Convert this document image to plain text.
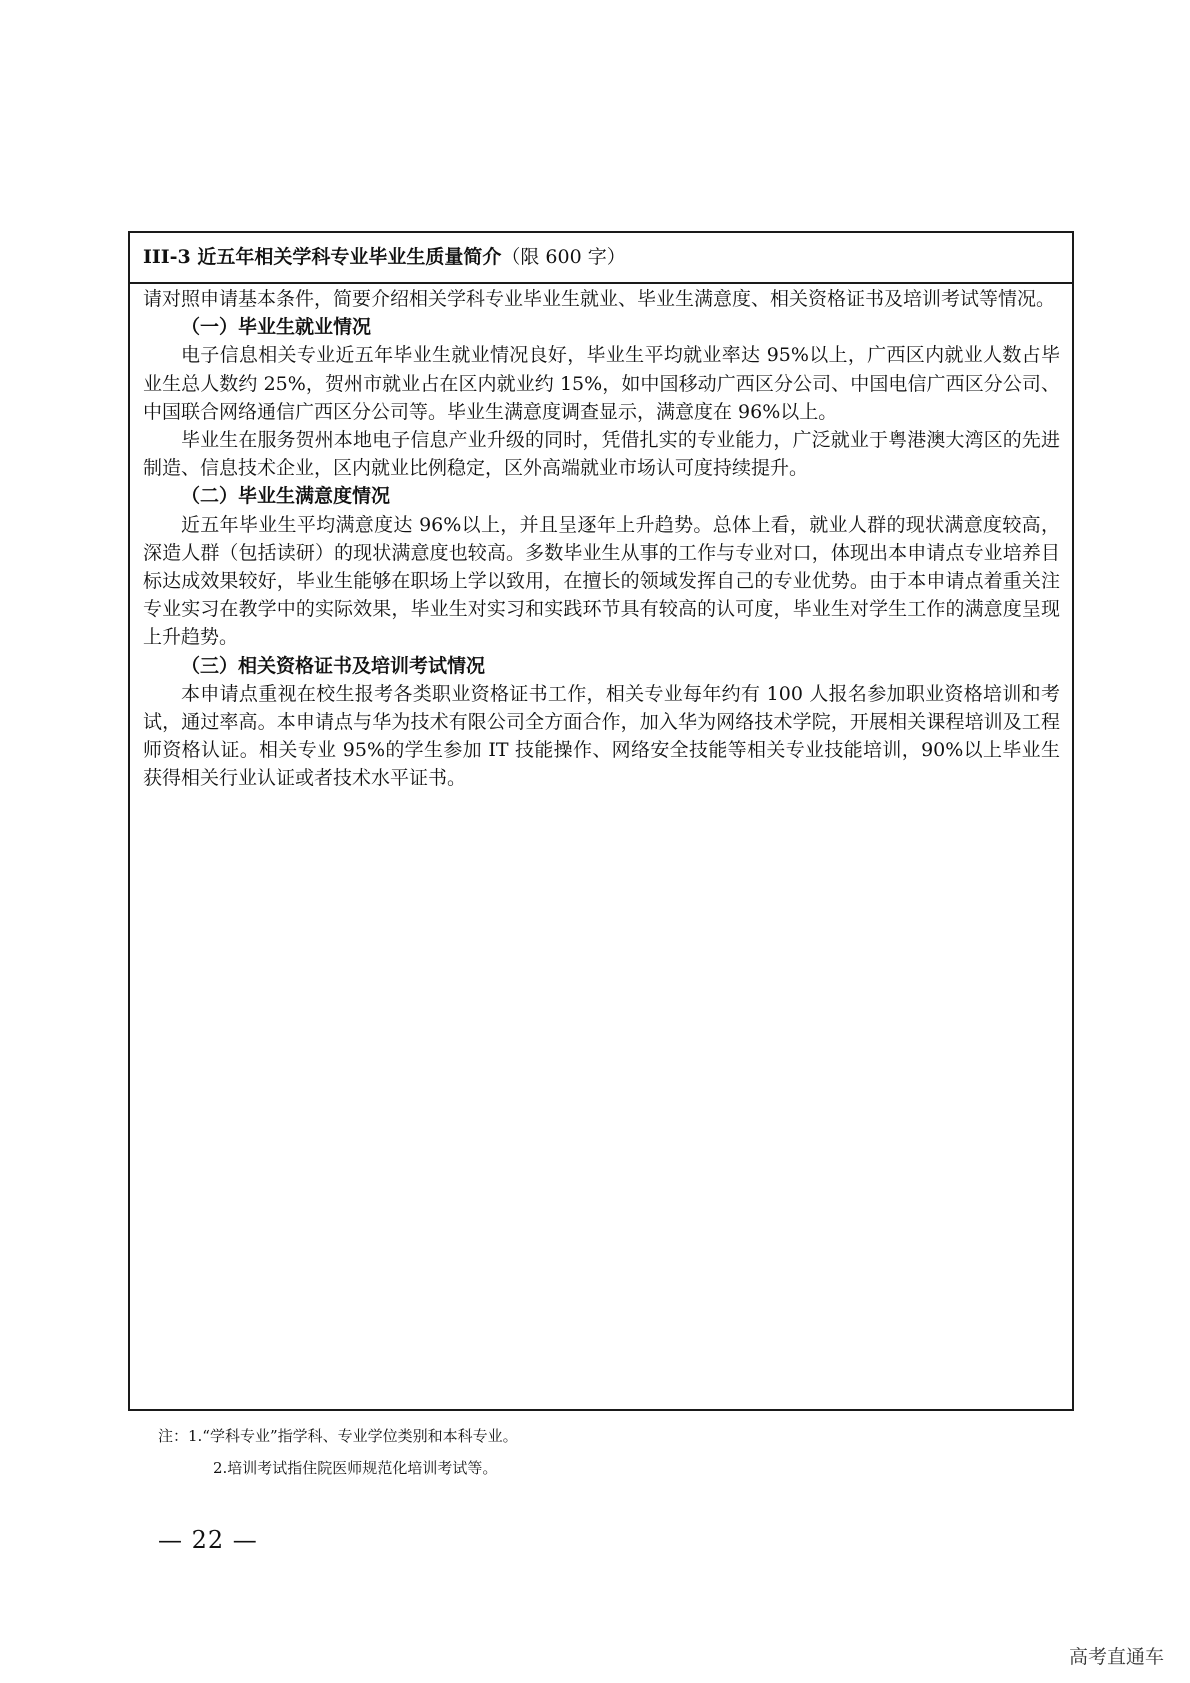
III-3 近五年相关学科专业毕业生质量简介 （限 600 字）

请对照申请基本条件，简要介绍相关学科专业毕业生就业、毕业生满意度、相关资格证书及培训考试等情况。

（一）毕业生就业情况

电子信息相关专业近五年毕业生就业情况良好，毕业生平均就业率达 95%以上，广西区内就业人数占毕业生总人数约 25%，贺州市就业占在区内就业约 15%，如中国移动广西区分公司、中国电信广西区分公司、中国联合网络通信广西区分公司等。毕业生满意度调查显示，满意度在 96%以上。

毕业生在服务贺州本地电子信息产业升级的同时，凭借扎实的专业能力，广泛就业于粤港澳大湾区的先进制造、信息技术企业，区内就业比例稳定，区外高端就业市场认可度持续提升。

（二）毕业生满意度情况

近五年毕业生平均满意度达 96%以上，并且呈逐年上升趋势。总体上看，就业人群的现状满意度较高，深造人群（包括读研）的现状满意度也较高。多数毕业生从事的工作与专业对口，体现出本申请点专业培养目标达成效果较好，毕业生能够在职场上学以致用，在擅长的领域发挥自己的专业优势。由于本申请点着重关注专业实习在教学中的实际效果，毕业生对实习和实践环节具有较高的认可度，毕业生对学生工作的满意度呈现上升趋势。

（三）相关资格证书及培训考试情况

本申请点重视在校生报考各类职业资格证书工作，相关专业每年约有 100 人报名参加职业资格培训和考试，通过率高。本申请点与华为技术有限公司全方面合作，加入华为网络技术学院，开展相关课程培训及工程师资格认证。相关专业 95%的学生参加 IT 技能操作、网络安全技能等相关专业技能培训，90%以上毕业生获得相关行业认证或者技术水平证书。

注：1.“学科专业”指学科、专业学位类别和本科专业。
2.培训考试指住院医师规范化培训考试等。
— 22 —
高考直通车
